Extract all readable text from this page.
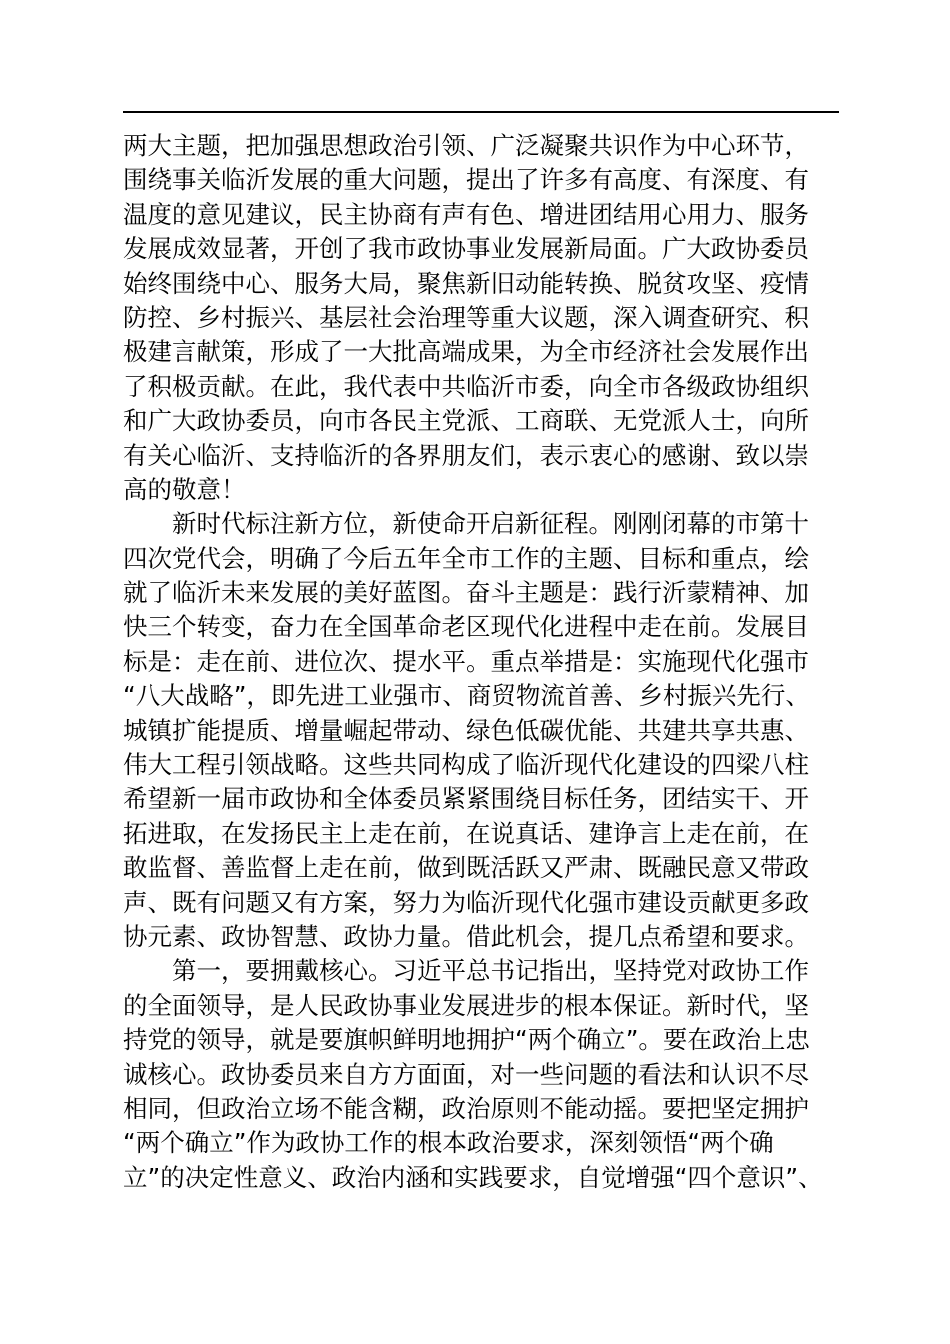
两大主题，把加强思想政治引领、广泛凝聚共识作为中心环节，
围绕事关临沂发展的重大问题，提出了许多有高度、有深度、有
温度的意见建议，民主协商有声有色、增进团结用心用力、服务
发展成效显著，开创了我市政协事业发展新局面。广大政协委员
始终围绕中心、服务大局，聚焦新旧动能转换、脱贫攻坚、疫情
防控、乡村振兴、基层社会治理等重大议题，深入调查研究、积
极建言献策，形成了一大批高端成果，为全市经济社会发展作出
了积极贡献。在此，我代表中共临沂市委，向全市各级政协组织
和广大政协委员，向市各民主党派、工商联、无党派人士，向所
有关心临沂、支持临沂的各界朋友们，表示衷心的感谢、致以崇
高的敬意！
新时代标注新方位，新使命开启新征程。刚刚闭幕的市第十
四次党代会，明确了今后五年全市工作的主题、目标和重点，绘
就了临沂未来发展的美好蓝图。奋斗主题是：践行沂蒙精神、加
快三个转变，奋力在全国革命老区现代化进程中走在前。发展目
标是：走在前、进位次、提水平。重点举措是：实施现代化强市
“八大战略”，即先进工业强市、商贸物流首善、乡村振兴先行、
城镇扩能提质、增量崛起带动、绿色低碳优能、共建共享共惠、
伟大工程引领战略。这些共同构成了临沂现代化建设的四梁八柱
希望新一届市政协和全体委员紧紧围绕目标任务，团结实干、开
拓进取，在发扬民主上走在前，在说真话、建诤言上走在前，在
敢监督、善监督上走在前，做到既活跃又严肃、既融民意又带政
声、既有问题又有方案，努力为临沂现代化强市建设贡献更多政
协元素、政协智慧、政协力量。借此机会，提几点希望和要求。
第一，要拥戴核心。习近平总书记指出，坚持党对政协工作
的全面领导，是人民政协事业发展进步的根本保证。新时代，坚
持党的领导，就是要旗帜鲜明地拥护“两个确立”。要在政治上忠
诚核心。政协委员来自方方面面，对一些问题的看法和认识不尽
相同，但政治立场不能含糊，政治原则不能动摇。要把坚定拥护
“两个确立”作为政协工作的根本政治要求，深刻领悟“两个确
立”的决定性意义、政治内涵和实践要求，自觉增强“四个意识”、
